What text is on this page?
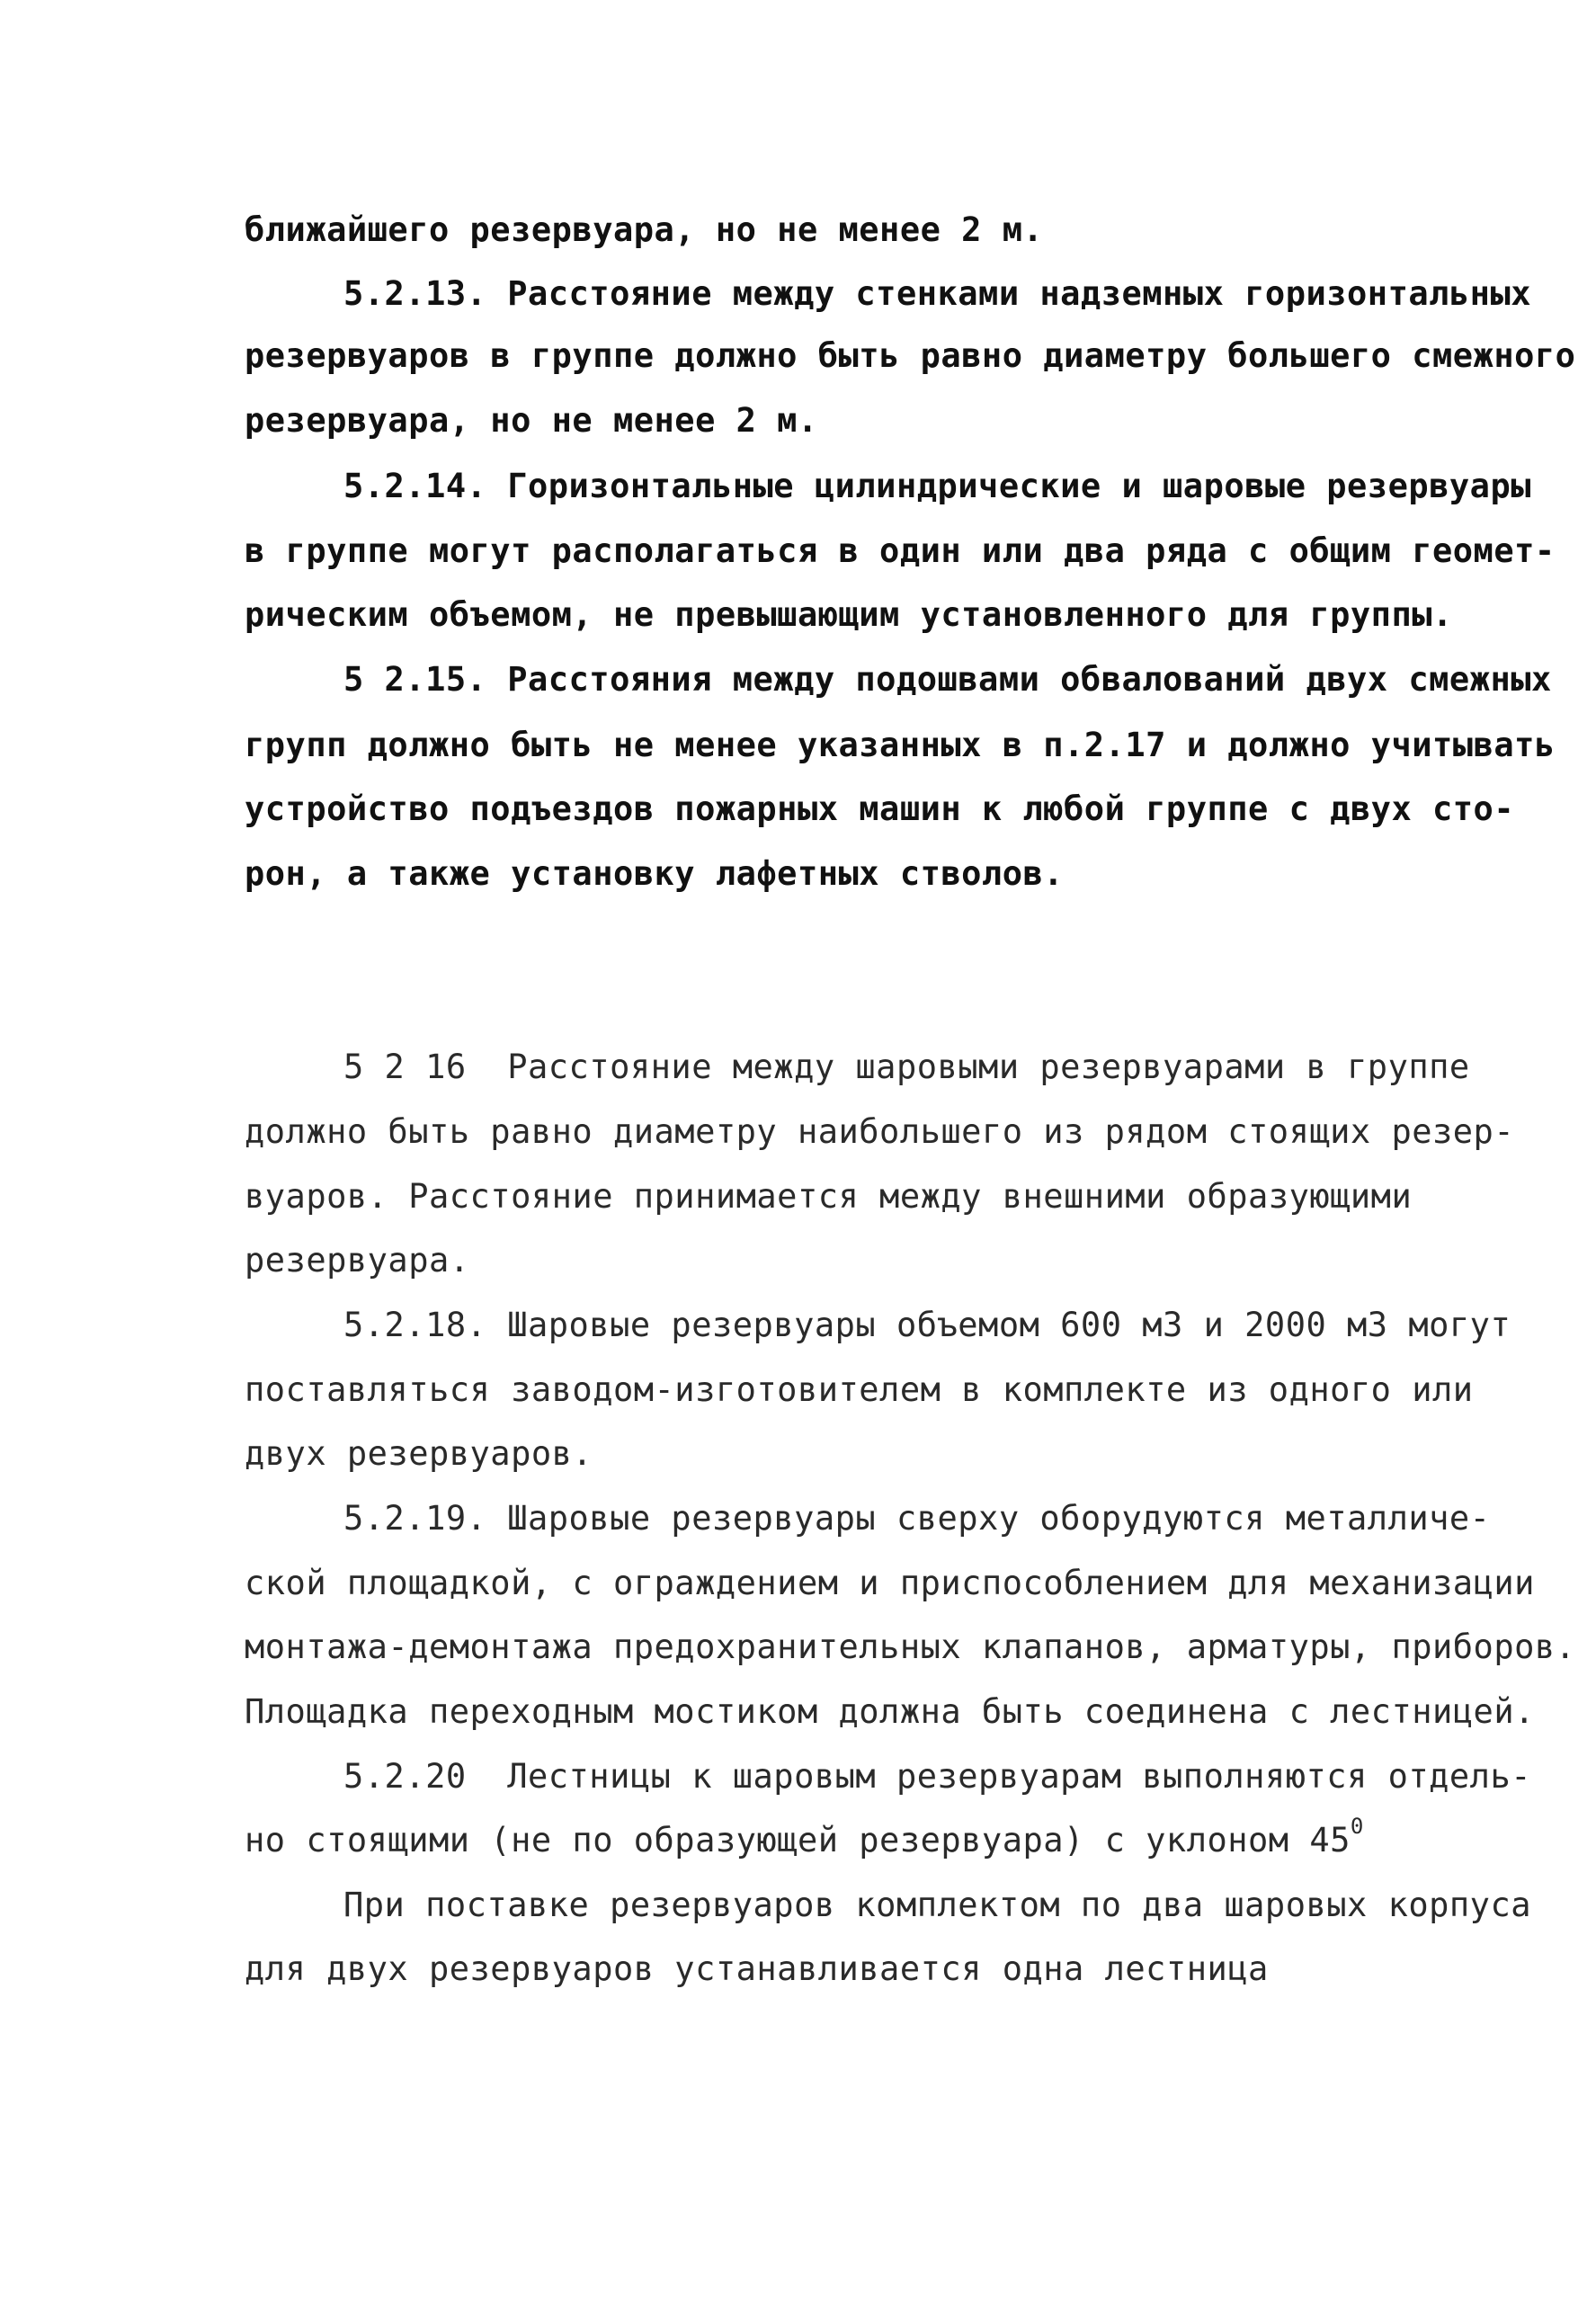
ближайшего резервуара, но не менее 2 м.
5.2.13. Расстояние между стенками надземных горизонтальных
резервуаров в группе должно быть равно диаметру большего смежного
резервуара, но не менее 2 м.
5.2.14. Горизонтальные цилиндрические и шаровые резервуары
в группе могут располагаться в один или два ряда с общим геомет-
рическим объемом, не превышающим установленного для группы.
5 2.15. Расстояния между подошвами обвалований двух смежных
групп должно быть не менее указанных в п.2.17 и должно учитывать
устройство подъездов пожарных машин к любой группе с двух сто-
рон, а также установку лафетных стволов.
5 2 16  Расстояние между шаровыми резервуарами в группе
должно быть равно диаметру наибольшего из рядом стоящих резер-
вуаров. Расстояние принимается между внешними образующими
резервуара.
5.2.18. Шаровые резервуары объемом 600 м3 и 2000 м3 могут
поставляться заводом-изготовителем в комплекте из одного или
двух резервуаров.
5.2.19. Шаровые резервуары сверху оборудуются металличе-
ской площадкой, с ограждением и приспособлением для механизации
монтажа-демонтажа предохранительных клапанов, арматуры, приборов.
Площадка переходным мостиком должна быть соединена с лестницей.
5.2.20  Лестницы к шаровым резервуарам выполняются отдель-
но стоящими (не по образующей резервуара) с уклоном $45^0$
При поставке резервуаров комплектом по два шаровых корпуса
для двух резервуаров устанавливается одна лестница
